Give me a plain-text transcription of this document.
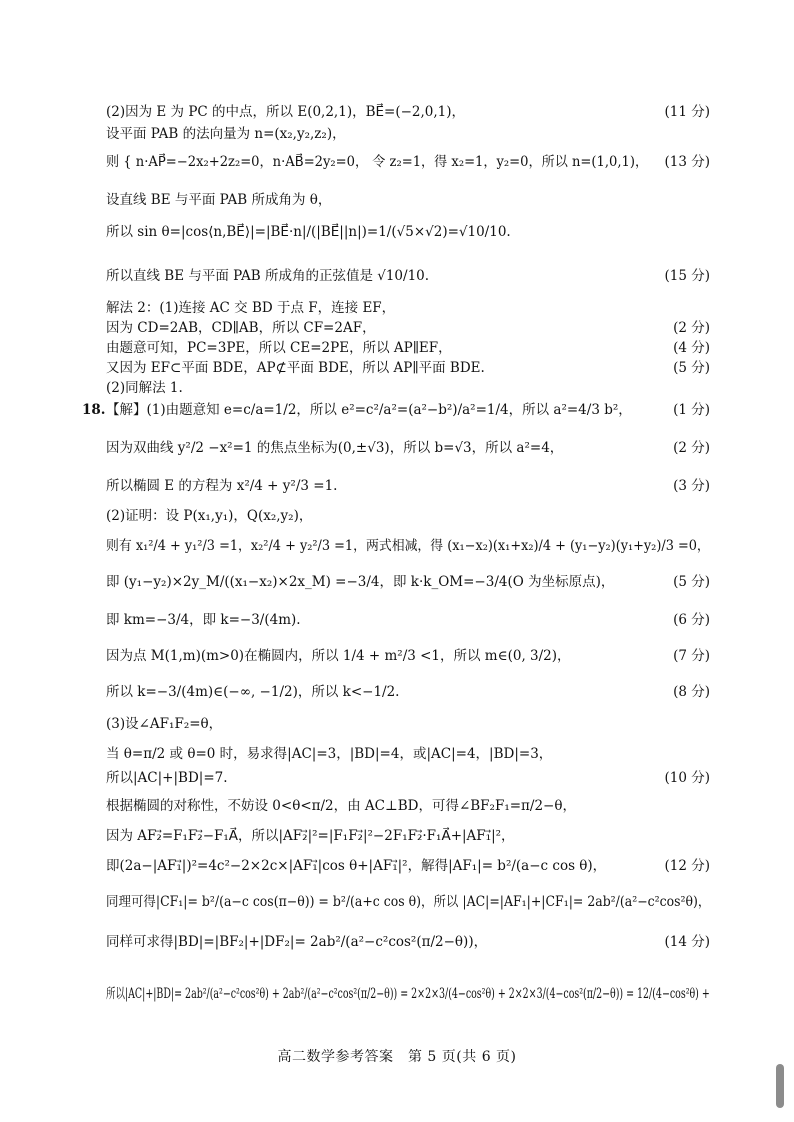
(2)因为 E 为 PC 的中点，所以 E(0,2,1)，BE⃗=(−2,0,1)，	(11 分)
设平面 PAB 的法向量为 n=(x₂,y₂,z₂)，
则 { n·AP⃗=−2x₂+2z₂=0，n·AB⃗=2y₂=0， 令 z₂=1，得 x₂=1，y₂=0，所以 n=(1,0,1)， (13 分)
设直线 BE 与平面 PAB 所成角为 θ，
所以 sin θ=|cos⟨n,BE⃗⟩|=|BE⃗·n|/(|BE⃗||n|)=1/(√5×√2)=√10/10.
所以直线 BE 与平面 PAB 所成角的正弦值是 √10/10.	(15 分)
解法 2：(1)连接 AC 交 BD 于点 F，连接 EF，
因为 CD=2AB，CD∥AB，所以 CF=2AF，	(2 分)
由题意可知，PC=3PE，所以 CE=2PE，所以 AP∥EF，	(4 分)
又因为 EF⊂平面 BDE，AP⊄平面 BDE，所以 AP∥平面 BDE.	(5 分)
(2)同解法 1.
18. 【解】(1)由题意知 e=c/a=1/2，所以 e²=c²/a²=(a²−b²)/a²=1/4，所以 a²=4/3 b²，	(1 分)
因为双曲线 y²/2 −x²=1 的焦点坐标为(0,±√3)，所以 b=√3，所以 a²=4，	(2 分)
所以椭圆 E 的方程为 x²/4 + y²/3 =1.	(3 分)
(2)证明：设 P(x₁,y₁)，Q(x₂,y₂)，
则有 x₁²/4 + y₁²/3 =1，x₂²/4 + y₂²/3 =1，两式相减，得 (x₁−x₂)(x₁+x₂)/4 + (y₁−y₂)(y₁+y₂)/3 =0，
即 (y₁−y₂)×2y_M/((x₁−x₂)×2x_M) =−3/4，即 k·k_OM=−3/4(O 为坐标原点)，	(5 分)
即 km=−3/4，即 k=−3/(4m).	(6 分)
因为点 M(1,m)(m>0)在椭圆内，所以 1/4 + m²/3 <1，所以 m∈(0, 3/2)，	(7 分)
所以 k=−3/(4m)∈(−∞, −1/2)，所以 k<−1/2.	(8 分)
(3)设∠AF₁F₂=θ，
当 θ=π/2 或 θ=0 时，易求得|AC|=3，|BD|=4，或|AC|=4，|BD|=3，
所以|AC|+|BD|=7.	(10 分)
根据椭圆的对称性，不妨设 0<θ<π/2，由 AC⊥BD，可得∠BF₂F₁=π/2−θ，
因为 AF₂⃗=F₁F₂⃗−F₁A⃗，所以|AF₂⃗|²=|F₁F₂⃗|²−2F₁F₂⃗·F₁A⃗+|AF₁⃗|²，
即(2a−|AF₁⃗|)²=4c²−2×2c×|AF₁⃗|cos θ+|AF₁⃗|²，解得|AF₁|= b²/(a−c cos θ)，	(12 分)
同理可得|CF₁|= b²/(a−c cos(π−θ)) = b²/(a+c cos θ)，所以 |AC|=|AF₁|+|CF₁|= 2ab²/(a²−c²cos²θ)，
同样可求得|BD|=|BF₂|+|DF₂|= 2ab²/(a²−c²cos²(π/2−θ))，	(14 分)
所以|AC|+|BD|= 2ab²/(a²−c²cos²θ) + 2ab²/(a²−c²cos²(π/2−θ)) = 2×2×3/(4−cos²θ) + 2×2×3/(4−cos²(π/2−θ)) = 12/(4−cos²θ) +
高二数学参考答案　第 5 页(共 6 页)
